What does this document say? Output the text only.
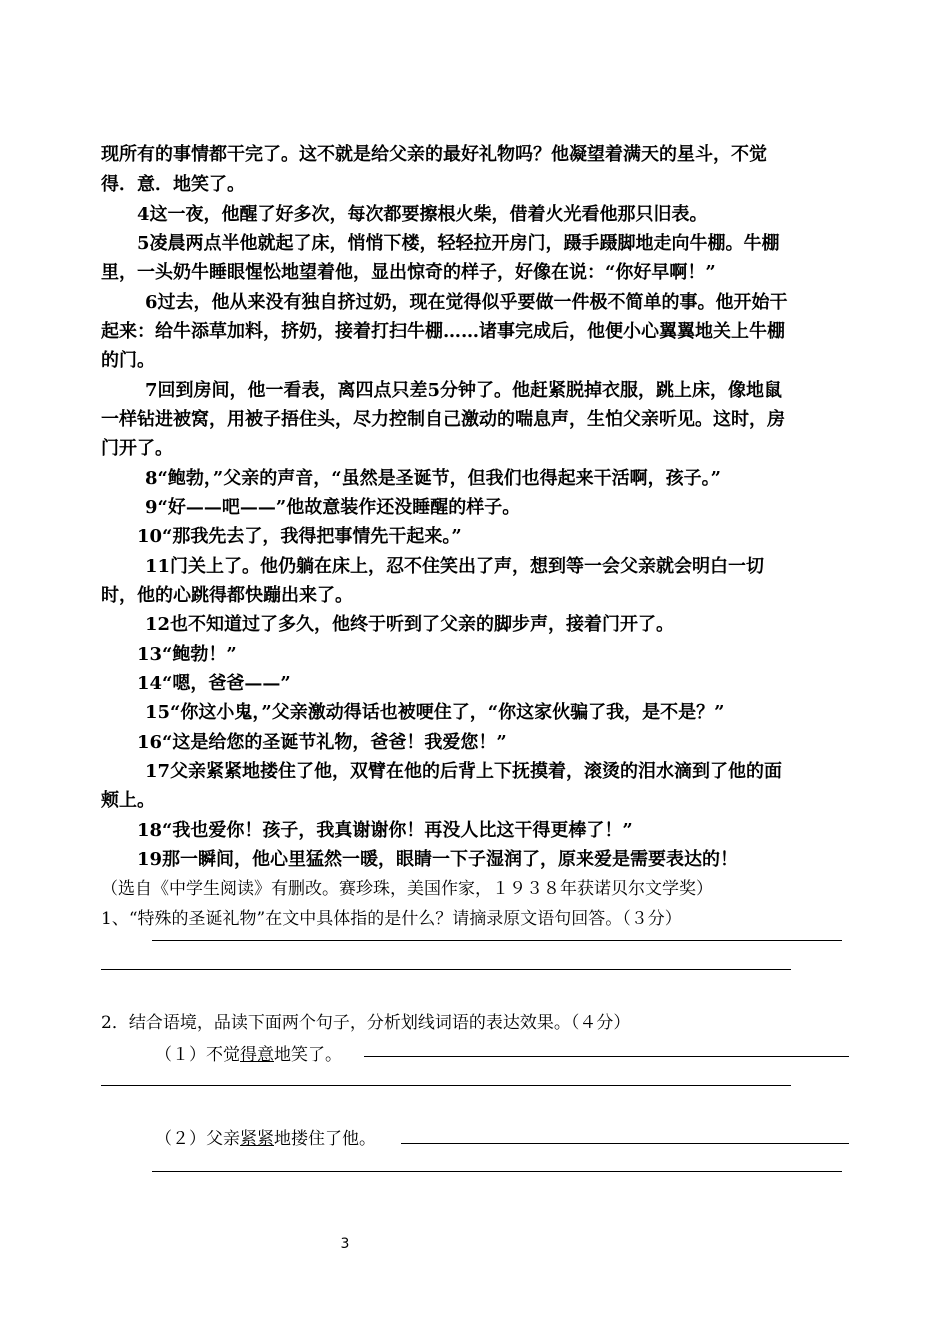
现所有的事情都干完了。这不就是给父亲的最好礼物吗？他凝望着满天的星斗，不觉
得．意．地笑了。
4这一夜，他醒了好多次，每次都要擦根火柴，借着火光看他那只旧表。
5凌晨两点半他就起了床，悄悄下楼，轻轻拉开房门，蹑手蹑脚地走向牛棚。牛棚
里，一头奶牛睡眼惺忪地望着他，显出惊奇的样子，好像在说：“你好早啊！”
6过去，他从来没有独自挤过奶，现在觉得似乎要做一件极不简单的事。他开始干
起来：给牛添草加料，挤奶，接着打扫牛棚……诸事完成后，他便小心翼翼地关上牛棚
的门。
7回到房间，他一看表，离四点只差5分钟了。他赶紧脱掉衣服，跳上床，像地鼠
一样钻进被窝，用被子捂住头，尽力控制自己激动的喘息声，生怕父亲听见。这时，房
门开了。
8“鲍勃，”父亲的声音，“虽然是圣诞节，但我们也得起来干活啊，孩子。”
9“好——吧——”他故意装作还没睡醒的样子。
10“那我先去了，我得把事情先干起来。”
11门关上了。他仍躺在床上，忍不住笑出了声，想到等一会父亲就会明白一切
时，他的心跳得都快蹦出来了。
12也不知道过了多久，他终于听到了父亲的脚步声，接着门开了。
13“鲍勃！”
14“嗯，爸爸——”
15“你这小鬼，”父亲激动得话也被哽住了，“你这家伙骗了我，是不是？”
16“这是给您的圣诞节礼物，爸爸！我爱您！”
17父亲紧紧地搂住了他，双臂在他的后背上下抚摸着，滚烫的泪水滴到了他的面
颊上。
18“我也爱你！孩子，我真谢谢你！再没人比这干得更棒了！”
19那一瞬间，他心里猛然一暖，眼睛一下子湿润了，原来爱是需要表达的！
（选自《中学生阅读》有删改。赛珍珠，美国作家，１９３８年获诺贝尔文学奖）
1、“特殊的圣诞礼物”在文中具体指的是什么？请摘录原文语句回答。（３分）
2．结合语境，品读下面两个句子，分析划线词语的表达效果。（４分）
（１）不觉得意地笑了。
（２）父亲紧紧地搂住了他。
3
